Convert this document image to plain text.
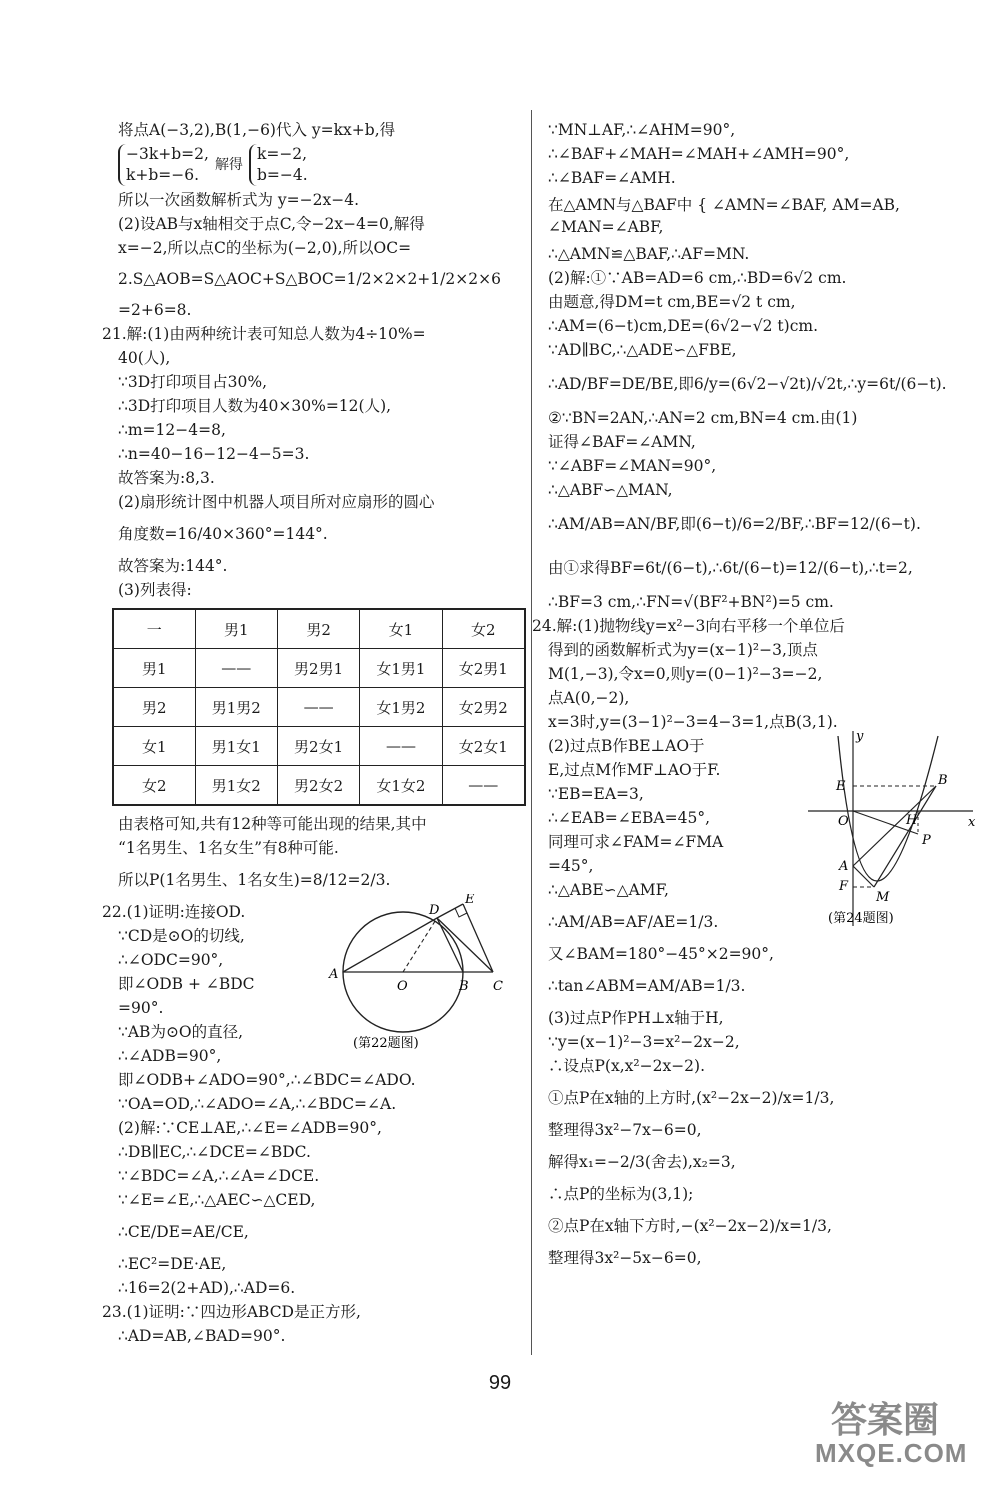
将点A(−3,2),B(1,−6)代入 y=kx+b,得
−3k+b=2,
k+b=−6.
解得
k=−2,
b=−4.
所以一次函数解析式为 y=−2x−4.
(2)设AB与x轴相交于点C,令−2x−4=0,解得
x=−2,所以点C的坐标为(−2,0),所以OC=
2.S△AOB=S△AOC+S△BOC=1/2×2×2+1/2×2×6
=2+6=8.
21.解:(1)由两种统计表可知总人数为4÷10%=
40(人),
∵3D打印项目占30%,
∴3D打印项目人数为40×30%=12(人),
∴m=12−4=8,
∴n=40−16−12−4−5=3.
故答案为:8,3.
(2)扇形统计图中机器人项目所对应扇形的圆心
角度数=16/40×360°=144°.
故答案为:144°.
(3)列表得:
一	男1	男2	女1	女2
男1	——	男2男1	女1男1	女2男1
男2	男1男2	——	女1男2	女2男2
女1	男1女1	男2女1	——	女2女1
女2	男1女2	男2女2	女1女2	——
由表格可知,共有12种等可能出现的结果,其中
“1名男生、1名女生”有8种可能.
所以P(1名男生、1名女生)=8/12=2/3.
22.(1)证明:连接OD.
∵CD是⊙O的切线,
∴∠ODC=90°,
即∠ODB + ∠BDC
=90°.
∵AB为⊙O的直径,
∴∠ADB=90°,
D
E
A
O	B C
(第22题图)
即∠ODB+∠ADO=90°,∴∠BDC=∠ADO.
∵OA=OD,∴∠ADO=∠A,∴∠BDC=∠A.
(2)解:∵CE⊥AE,∴∠E=∠ADB=90°,
∴DB∥EC,∴∠DCE=∠BDC.
∵∠BDC=∠A,∴∠A=∠DCE.
∵∠E=∠E,∴△AEC∽△CED,
∴CE/DE=AE/CE,
∴EC²=DE·AE,
∴16=2(2+AD),∴AD=6.
23.(1)证明:∵四边形ABCD是正方形,
∴AD=AB,∠BAD=90°.
∵MN⊥AF,∴∠AHM=90°,
∴∠BAF+∠MAH=∠MAH+∠AMH=90°,
∴∠BAF=∠AMH.
在△AMN与△BAF中 { ∠AMN=∠BAF, AM=AB, ∠MAN=∠ABF,
∴△AMN≌△BAF,∴AF=MN.
(2)解:①∵AB=AD=6 cm,∴BD=6√2 cm.
由题意,得DM=t cm,BE=√2 t cm,
∴AM=(6−t)cm,DE=(6√2−√2 t)cm.
∵AD∥BC,∴△ADE∽△FBE,
∴AD/BF=DE/BE,即6/y=(6√2−√2t)/√2t,∴y=6t/(6−t).
②∵BN=2AN,∴AN=2 cm,BN=4 cm.由(1)
证得∠BAF=∠AMN,
∵∠ABF=∠MAN=90°,
∴△ABF∽△MAN,
∴AM/AB=AN/BF,即(6−t)/6=2/BF,∴BF=12/(6−t).
由①求得BF=6t/(6−t),∴6t/(6−t)=12/(6−t),∴t=2,
∴BF=3 cm,∴FN=√(BF²+BN²)=5 cm.
24.解:(1)抛物线y=x²−3向右平移一个单位后
得到的函数解析式为y=(x−1)²−3,顶点
M(1,−3),令x=0,则y=(0−1)²−3=−2,
点A(0,−2),
x=3时,y=(3−1)²−3=4−3=1,点B(3,1).
(2)过点B作BE⊥AO于
E,过点M作MF⊥AO于F.
∵EB=EA=3,
∴∠EAB=∠EBA=45°,
同理可求∠FAM=∠FMA
=45°,
∴△ABE∽△AMF,
∴AM/AB=AF/AE=1/3.
y
x
E	B
O	H
P
A
F
M
(第24题图)
又∠BAM=180°−45°×2=90°,
∴tan∠ABM=AM/AB=1/3.
(3)过点P作PH⊥x轴于H,
∵y=(x−1)²−3=x²−2x−2,
∴设点P(x,x²−2x−2).
①点P在x轴的上方时,(x²−2x−2)/x=1/3,
整理得3x²−7x−6=0,
解得x₁=−2/3(舍去),x₂=3,
∴点P的坐标为(3,1);
②点P在x轴下方时,−(x²−2x−2)/x=1/3,
整理得3x²−5x−6=0,
99
答案圈
MXQE.COM
